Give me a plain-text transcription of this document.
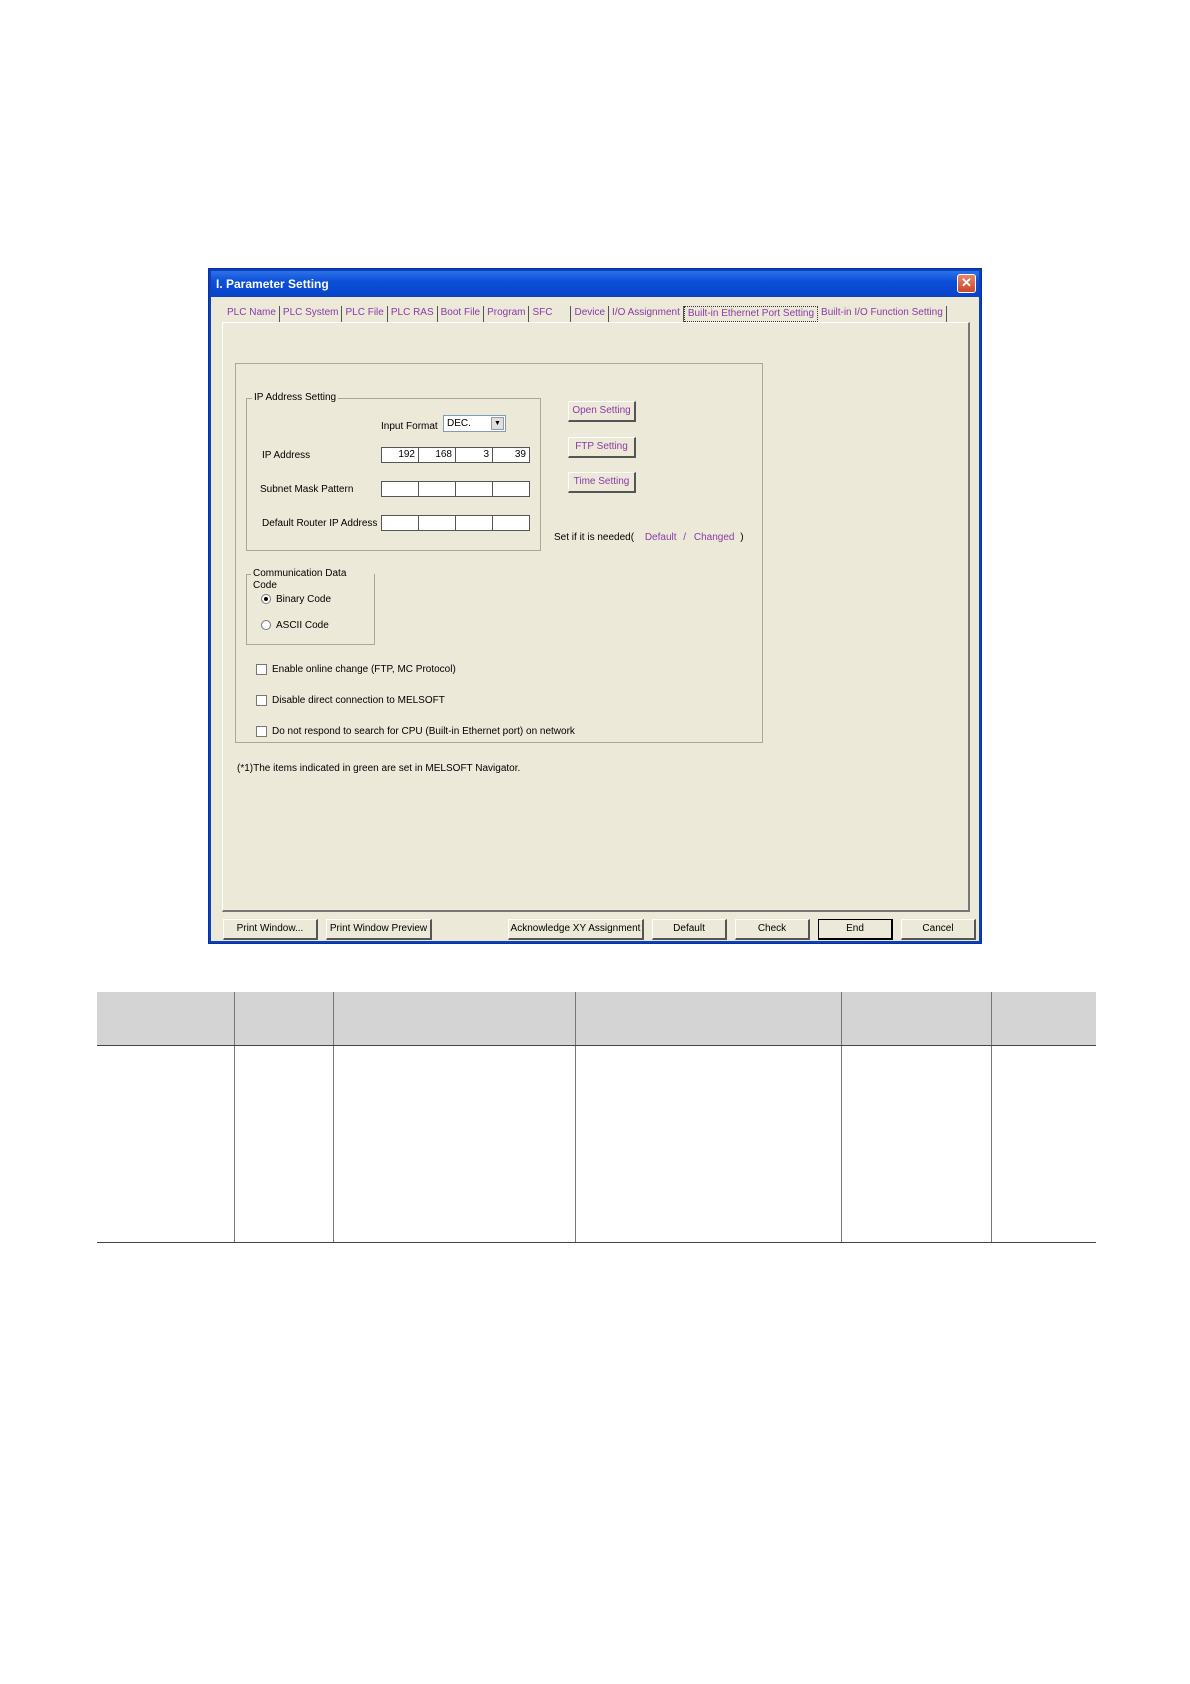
I. Parameter Setting	✕
PLC Name PLC System PLC File PLC RAS Boot File Program SFC	Device I/O Assignment Built-in Ethernet Port Setting Built-in I/O Function Setting
IP Address Setting
Input Format DEC.	▼
IP Address	192	168	3	39
Subnet Mask Pattern
Default Router IP Address
Open Setting
FTP Setting
Time Setting
Set if it is needed( Default / Changed )
Communication Data Code
Binary Code
ASCII Code
Enable online change (FTP, MC Protocol)
Disable direct connection to MELSOFT
Do not respond to search for CPU (Built-in Ethernet port) on network
(*1)The items indicated in green are set in MELSOFT Navigator.
Print Window...	Print Window Preview	Acknowledge XY Assignment	Default	Check	End	Cancel
